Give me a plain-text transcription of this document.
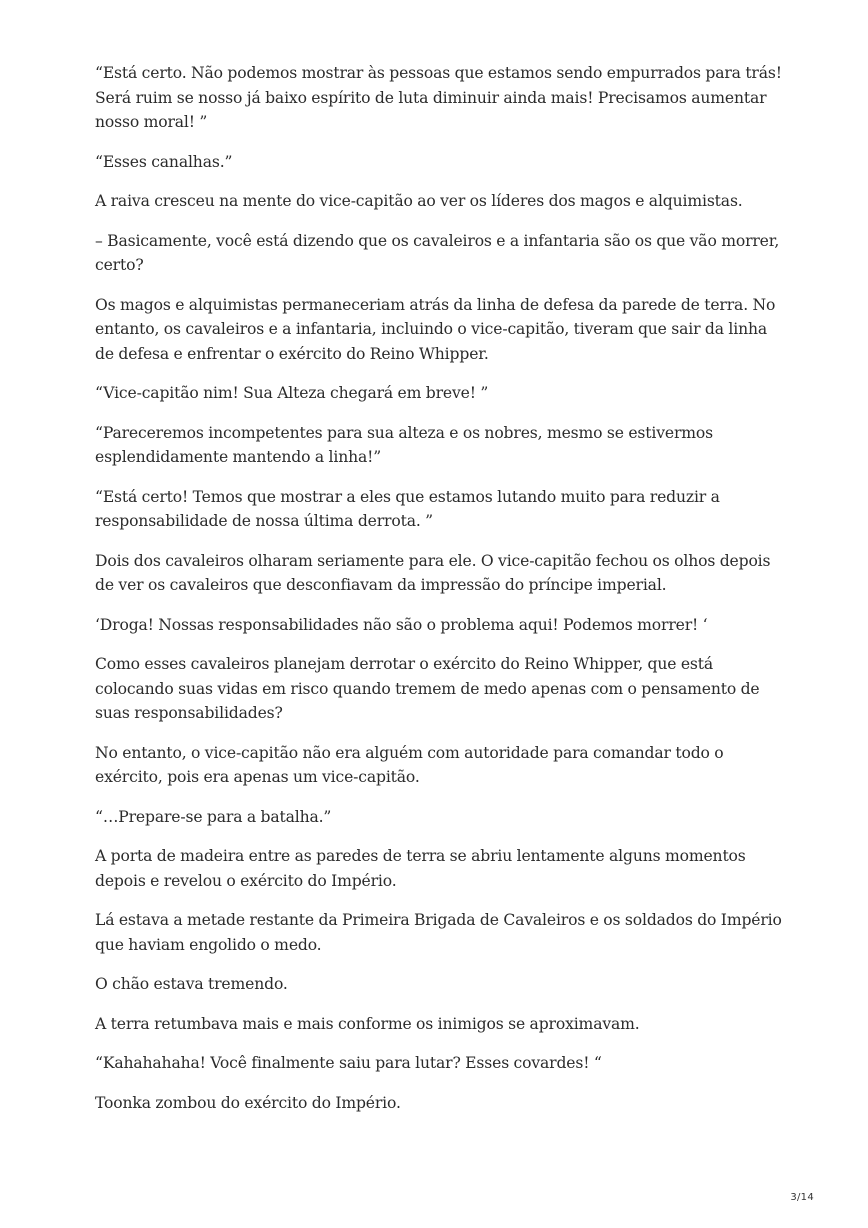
“Está certo. Não podemos mostrar às pessoas que estamos sendo empurrados para trás! Será ruim se nosso já baixo espírito de luta diminuir ainda mais! Precisamos aumentar nosso moral! ”

“Esses canalhas.”

A raiva cresceu na mente do vice-capitão ao ver os líderes dos magos e alquimistas.

– Basicamente, você está dizendo que os cavaleiros e a infantaria são os que vão morrer, certo?

Os magos e alquimistas permaneceriam atrás da linha de defesa da parede de terra. No entanto, os cavaleiros e a infantaria, incluindo o vice-capitão, tiveram que sair da linha de defesa e enfrentar o exército do Reino Whipper.

“Vice-capitão nim! Sua Alteza chegará em breve! ”

“Pareceremos incompetentes para sua alteza e os nobres, mesmo se estivermos esplendidamente mantendo a linha!”

“Está certo! Temos que mostrar a eles que estamos lutando muito para reduzir a responsabilidade de nossa última derrota. ”

Dois dos cavaleiros olharam seriamente para ele. O vice-capitão fechou os olhos depois de ver os cavaleiros que desconfiavam da impressão do príncipe imperial.

‘Droga! Nossas responsabilidades não são o problema aqui! Podemos morrer! ‘

Como esses cavaleiros planejam derrotar o exército do Reino Whipper, que está colocando suas vidas em risco quando tremem de medo apenas com o pensamento de suas responsabilidades?

No entanto, o vice-capitão não era alguém com autoridade para comandar todo o exército, pois era apenas um vice-capitão.

“…Prepare-se para a batalha.”

A porta de madeira entre as paredes de terra se abriu lentamente alguns momentos depois e revelou o exército do Império.

Lá estava a metade restante da Primeira Brigada de Cavaleiros e os soldados do Império que haviam engolido o medo.

O chão estava tremendo.

A terra retumbava mais e mais conforme os inimigos se aproximavam.

“Kahahahaha! Você finalmente saiu para lutar? Esses covardes! “

Toonka zombou do exército do Império.

3/14
